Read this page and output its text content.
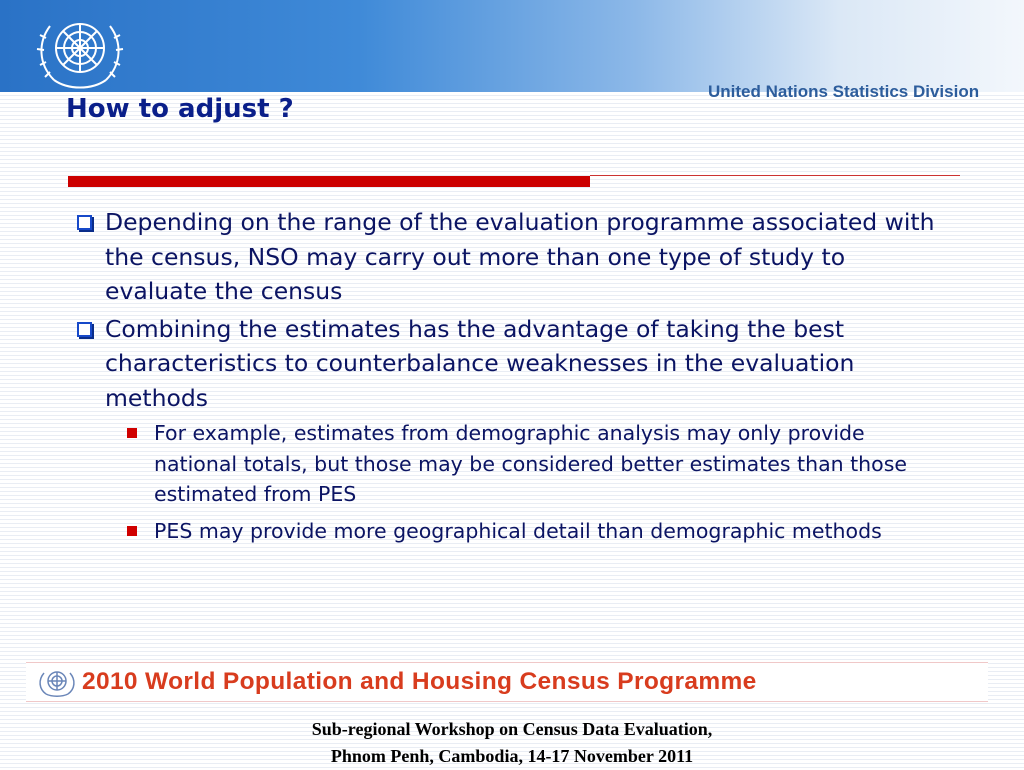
United Nations Statistics Division
How to adjust ?
Depending on the range of the evaluation programme associated with the census, NSO may carry out more than one type of study to evaluate the census
Combining the estimates has the advantage of taking the best characteristics to counterbalance weaknesses in the evaluation methods
For example, estimates from demographic analysis may only provide national totals, but those may be considered better estimates than those estimated from PES
PES may provide more geographical detail than demographic methods
2010 World Population and Housing Census Programme
Sub-regional Workshop on Census Data Evaluation,
Phnom Penh, Cambodia, 14-17 November 2011
